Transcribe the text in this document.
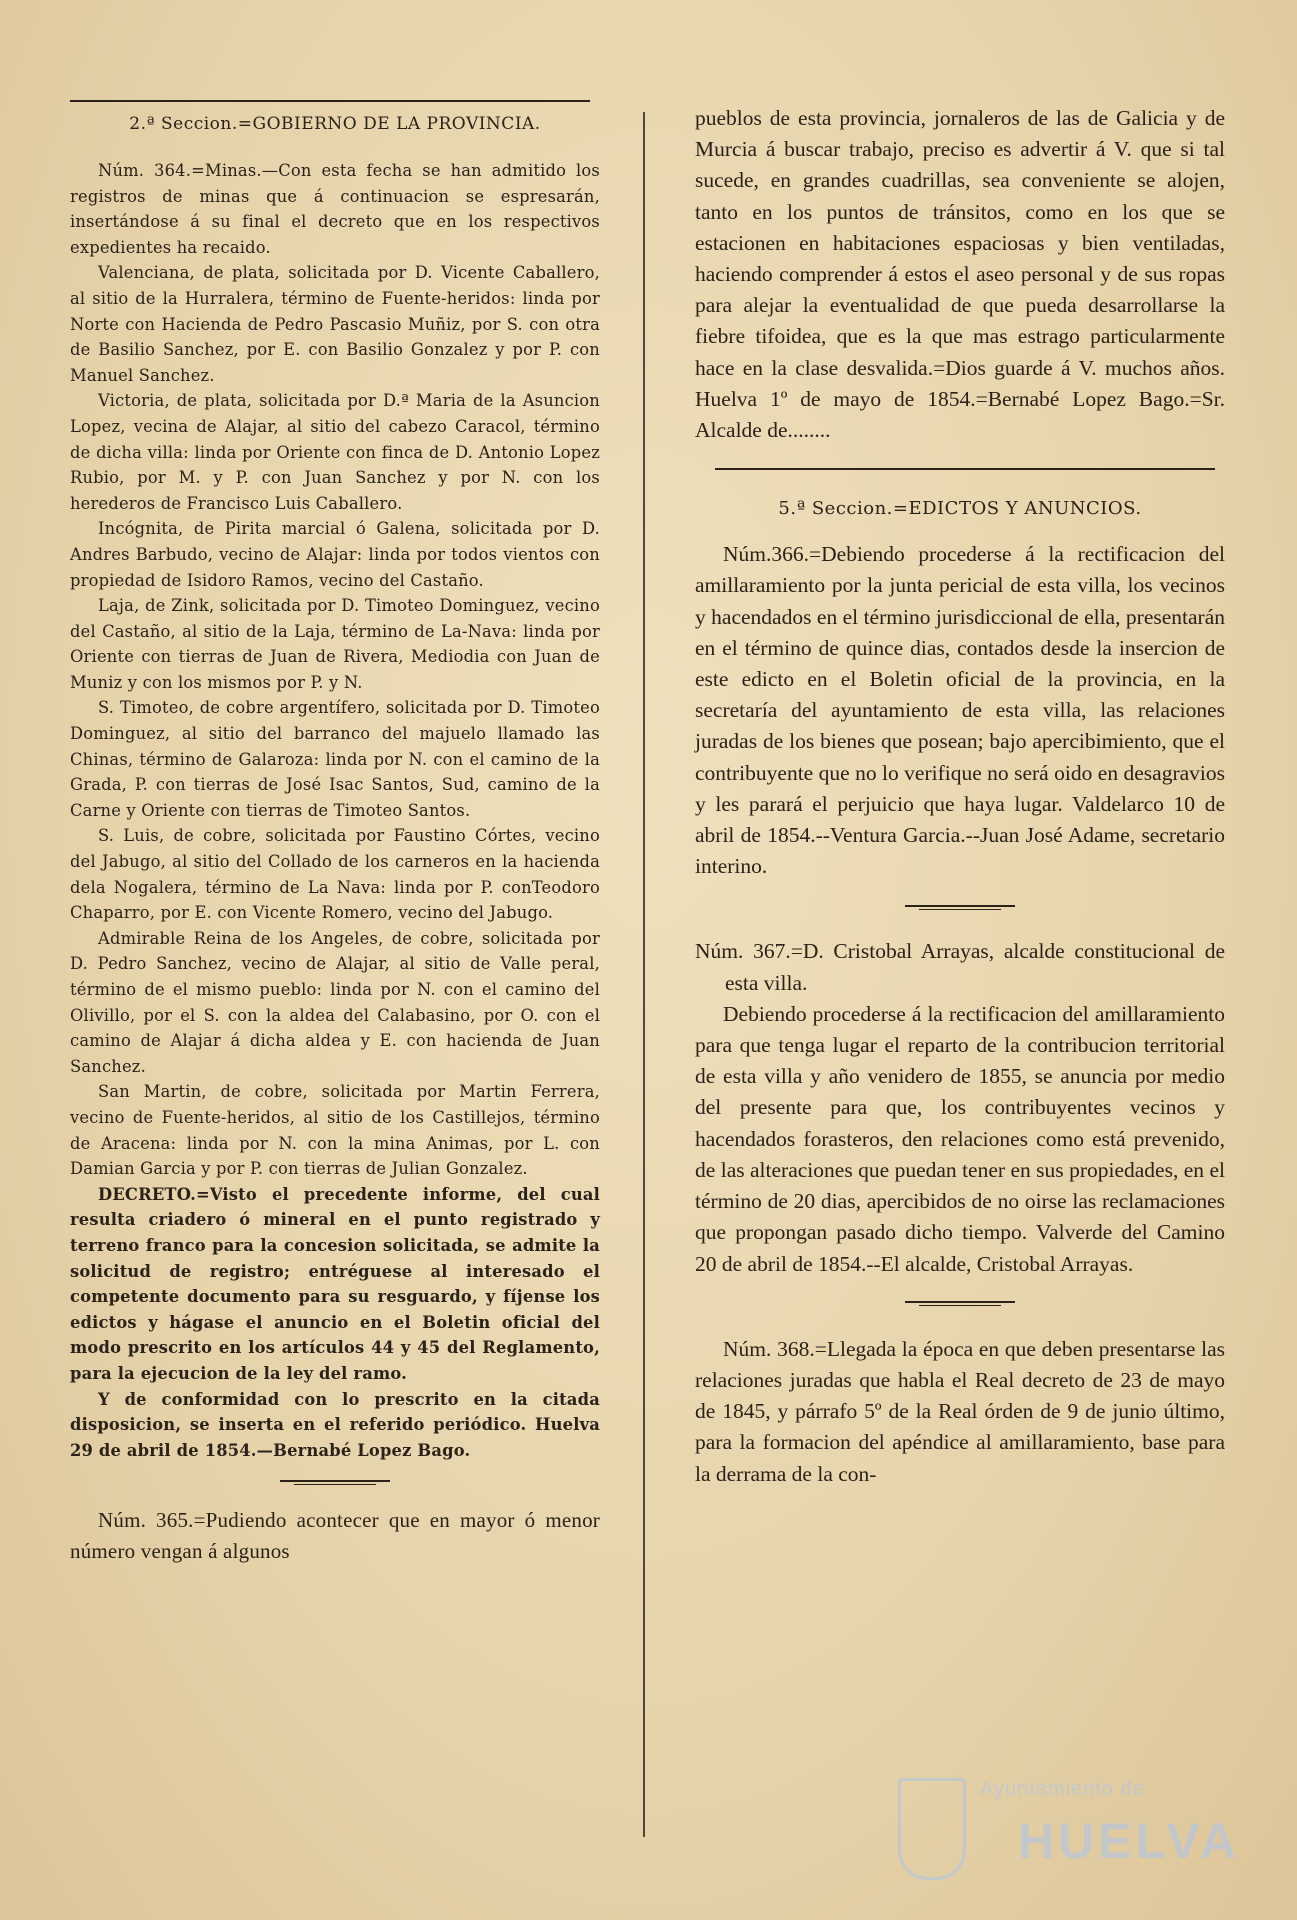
2.ª Seccion.=GOBIERNO DE LA PROVINCIA.

Núm. 364.=Minas.—Con esta fecha se han admitido los registros de minas que á continuacion se espresarán, insertándose á su final el decreto que en los respectivos expedientes ha recaido.

Valenciana, de plata, solicitada por D. Vicente Caballero, al sitio de la Hurralera, término de Fuente-heridos: linda por Norte con Hacienda de Pedro Pascasio Muñiz, por S. con otra de Basilio Sanchez, por E. con Basilio Gonzalez y por P. con Manuel Sanchez.

Victoria, de plata, solicitada por D.ª Maria de la Asuncion Lopez, vecina de Alajar, al sitio del cabezo Caracol, término de dicha villa: linda por Oriente con finca de D. Antonio Lopez Rubio, por M. y P. con Juan Sanchez y por N. con los herederos de Francisco Luis Caballero.

Incógnita, de Pirita marcial ó Galena, solicitada por D. Andres Barbudo, vecino de Alajar: linda por todos vientos con propiedad de Isidoro Ramos, vecino del Castaño.

Laja, de Zink, solicitada por D. Timoteo Dominguez, vecino del Castaño, al sitio de la Laja, término de La-Nava: linda por Oriente con tierras de Juan de Rivera, Mediodia con Juan de Muniz y con los mismos por P. y N.

S. Timoteo, de cobre argentífero, solicitada por D. Timoteo Dominguez, al sitio del barranco del majuelo llamado las Chinas, término de Galaroza: linda por N. con el camino de la Grada, P. con tierras de José Isac Santos, Sud, camino de la Carne y Oriente con tierras de Timoteo Santos.

S. Luis, de cobre, solicitada por Faustino Córtes, vecino del Jabugo, al sitio del Collado de los carneros en la hacienda dela Nogalera, término de La Nava: linda por P. conTeodoro Chaparro, por E. con Vicente Romero, vecino del Jabugo.

Admirable Reina de los Angeles, de cobre, solicitada por D. Pedro Sanchez, vecino de Alajar, al sitio de Valle peral, término de el mismo pueblo: linda por N. con el camino del Olivillo, por el S. con la aldea del Calabasino, por O. con el camino de Alajar á dicha aldea y E. con hacienda de Juan Sanchez.

San Martin, de cobre, solicitada por Martin Ferrera, vecino de Fuente-heridos, al sitio de los Castillejos, término de Aracena: linda por N. con la mina Animas, por L. con Damian Garcia y por P. con tierras de Julian Gonzalez.

DECRETO.=Visto el precedente informe, del cual resulta criadero ó mineral en el punto registrado y terreno franco para la concesion solicitada, se admite la solicitud de registro; entréguese al interesado el competente documento para su resguardo, y fíjense los edictos y hágase el anuncio en el Boletin oficial del modo prescrito en los artículos 44 y 45 del Reglamento, para la ejecucion de la ley del ramo.

Y de conformidad con lo prescrito en la citada disposicion, se inserta en el referido periódico. Huelva 29 de abril de 1854.—Bernabé Lopez Bago.

Núm. 365.=Pudiendo acontecer que en mayor ó menor número vengan á algunos

pueblos de esta provincia, jornaleros de las de Galicia y de Murcia á buscar trabajo, preciso es advertir á V. que si tal sucede, en grandes cuadrillas, sea conveniente se alojen, tanto en los puntos de tránsitos, como en los que se estacionen en habitaciones espaciosas y bien ventiladas, haciendo comprender á estos el aseo personal y de sus ropas para alejar la eventualidad de que pueda desarrollarse la fiebre tifoidea, que es la que mas estrago particularmente hace en la clase desvalida.=Dios guarde á V. muchos años. Huelva 1º de mayo de 1854.=Bernabé Lopez Bago.=Sr. Alcalde de........

5.ª Seccion.=EDICTOS Y ANUNCIOS.

Núm.366.=Debiendo procederse á la rectificacion del amillaramiento por la junta pericial de esta villa, los vecinos y hacendados en el término jurisdiccional de ella, presentarán en el término de quince dias, contados desde la insercion de este edicto en el Boletin oficial de la provincia, en la secretaría del ayuntamiento de esta villa, las relaciones juradas de los bienes que posean; bajo apercibimiento, que el contribuyente que no lo verifique no será oido en desagravios y les parará el perjuicio que haya lugar. Valdelarco 10 de abril de 1854.--Ventura Garcia.--Juan José Adame, secretario interino.

Núm. 367.=D. Cristobal Arrayas, alcalde constitucional de esta villa.

Debiendo procederse á la rectificacion del amillaramiento para que tenga lugar el reparto de la contribucion territorial de esta villa y año venidero de 1855, se anuncia por medio del presente para que, los contribuyentes vecinos y hacendados forasteros, den relaciones como está prevenido, de las alteraciones que puedan tener en sus propiedades, en el término de 20 dias, apercibidos de no oirse las reclamaciones que propongan pasado dicho tiempo. Valverde del Camino 20 de abril de 1854.--El alcalde, Cristobal Arrayas.

Núm. 368.=Llegada la época en que deben presentarse las relaciones juradas que habla el Real decreto de 23 de mayo de 1845, y párrafo 5º de la Real órden de 9 de junio último, para la formacion del apéndice al amillaramiento, base para la derrama de la con-

Ayuntamiento de
HUELVA
